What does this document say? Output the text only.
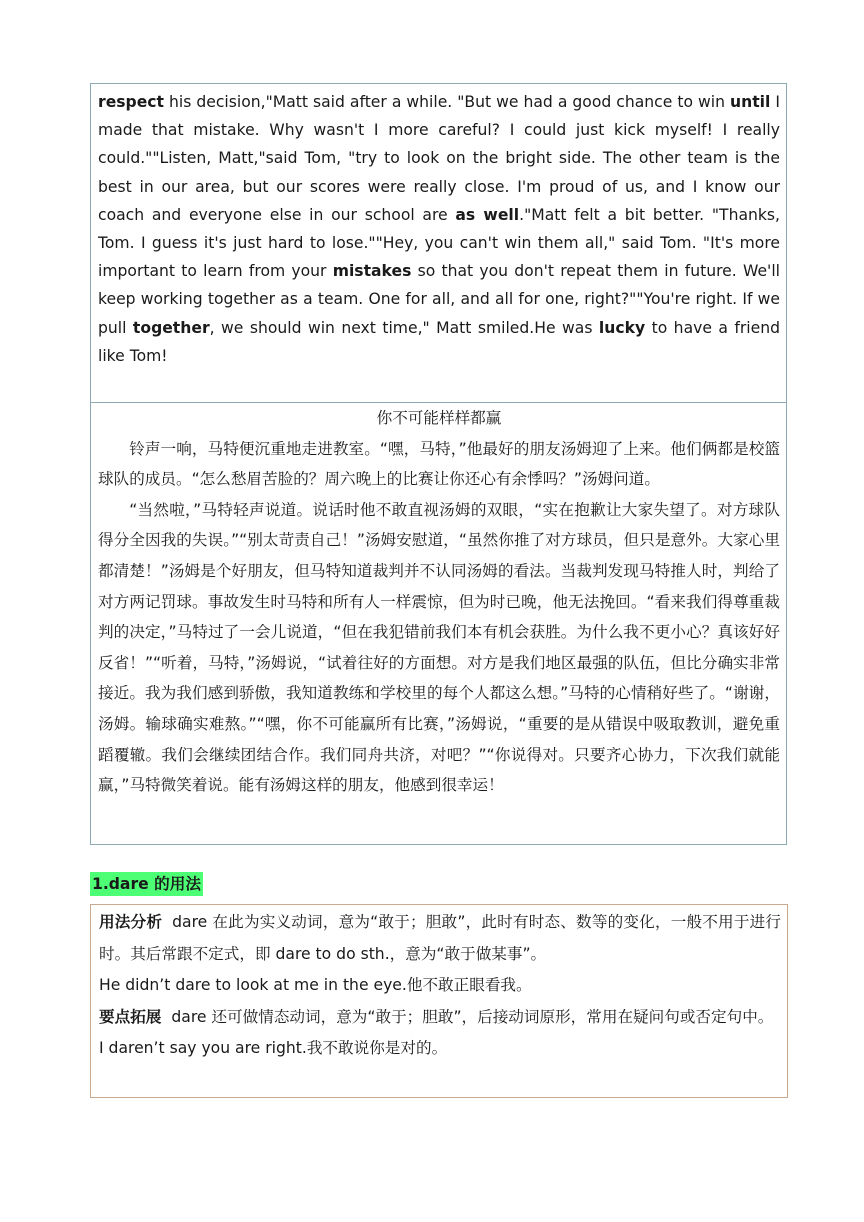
respect his decision,"Matt said after a while. "But we had a good chance to win until I made that mistake. Why wasn't I more careful? I could just kick myself! I really could.""Listen, Matt,"said Tom, "try to look on the bright side. The other team is the best in our area, but our scores were really close. I'm proud of us, and I know our coach and everyone else in our school are as well."Matt felt a bit better. "Thanks, Tom. I guess it's just hard to lose.""Hey, you can't win them all," said Tom. "It's more important to learn from your mistakes so that you don't repeat them in future. We'll keep working together as a team. One for all, and all for one, right?""You're right. If we pull together, we should win next time," Matt smiled.He was lucky to have a friend like Tom!
你不可能样样都赢

铃声一响，马特便沉重地走进教室。“嘿，马特，”他最好的朋友汤姆迎了上来。他们俩都是校篮球队的成员。“怎么愁眉苦脸的？周六晚上的比赛让你还心有余悸吗？”汤姆问道。

“当然啦，”马特轻声说道。说话时他不敢直视汤姆的双眼，“实在抱歉让大家失望了。对方球队得分全因我的失误。”“别太苛责自己！”汤姆安慰道，“虽然你推了对方球员，但只是意外。大家心里都清楚！”汤姆是个好朋友，但马特知道裁判并不认同汤姆的看法。当裁判发现马特推人时，判给了对方两记罚球。事故发生时马特和所有人一样震惊，但为时已晚，他无法挽回。“看来我们得尊重裁判的决定，”马特过了一会儿说道，“但在我犯错前我们本有机会获胜。为什么我不更小心？真该好好反省！”“听着，马特，”汤姆说，“试着往好的方面想。对方是我们地区最强的队伍，但比分确实非常接近。我为我们感到骄傲，我知道教练和学校里的每个人都这么想。”马特的心情稍好些了。“谢谢，汤姆。输球确实难熬。”“嘿，你不可能赢所有比赛，”汤姆说，“重要的是从错误中吸取教训，避免重蹈覆辙。我们会继续团结合作。我们同舟共济，对吧？”“你说得对。只要齐心协力，下次我们就能赢，”马特微笑着说。能有汤姆这样的朋友，他感到很幸运！

1.dare 的用法

用法分析 dare 在此为实义动词，意为“敢于；胆敢”，此时有时态、数等的变化，一般不用于进行时。其后常跟不定式，即 dare to do sth.，意为“敢于做某事”。

He didn’t dare to look at me in the eye.他不敢正眼看我。

要点拓展 dare 还可做情态动词，意为“敢于；胆敢”，后接动词原形，常用在疑问句或否定句中。

I daren’t say you are right.我不敢说你是对的。
